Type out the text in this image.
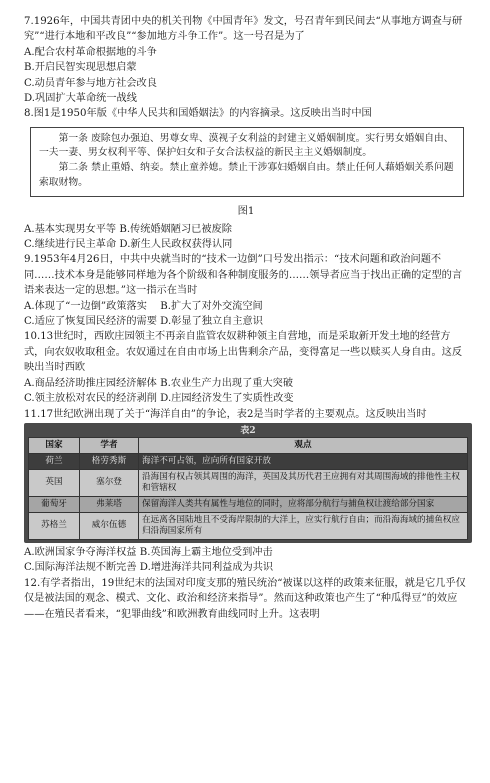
7.1926年，中国共青团中央的机关刊物《中国青年》发文，号召青年到民间去“从事地方调查与研究”“进行本地和平改良”“参加地方斗争工作”。这一号召是为了

A.配合农村革命根据地的斗争

B.开启民智实现思想启蒙

C.动员青年参与地方社会改良

D.巩固扩大革命统一战线

8.图1是1950年版《中华人民共和国婚姻法》的内容摘录。这反映出当时中国

第一条 废除包办强迫、男尊女卑、漠视子女利益的封建主义婚姻制度。实行男女婚姻自由、一夫一妻、男女权利平等、保护妇女和子女合法权益的新民主主义婚姻制度。

第二条 禁止重婚、纳妾。禁止童养媳。禁止干涉寡妇婚姻自由。禁止任何人藉婚姻关系问题索取财物。

图1

A.基本实现男女平等 B.传统婚姻陋习已被废除

C.继续进行民主革命 D.新生人民政权获得认同

9.1953年4月26日，中共中央就当时的“技术一边倒”口号发出指示：“技术问题和政治问题不同……技术本身是能够同样地为各个阶级和各种制度服务的……领导者应当于找出正确的定型的言语来表达一定的思想。”这一指示在当时

A.体现了“一边倒”政策落实　 B.扩大了对外交流空间

C.适应了恢复国民经济的需要 D.彰显了独立自主意识

10.13世纪时，西欧庄园领主不再亲自监管农奴耕种领主自营地，而是采取新开发土地的经营方式，向农奴收取租金。农奴通过在自由市场上出售剩余产品，变得富足一些以赎买人身自由。这反映出当时西欧

A.商品经济助推庄园经济解体 B.农业生产力出现了重大突破

C.领主放松对农民的经济剥削 D.庄园经济发生了实质性改变

11.17世纪欧洲出现了关于“海洋自由”的争论，表2是当时学者的主要观点。这反映出当时

表2
国家	学者	观点
荷兰	格劳秀斯	海洋不可占领，应向所有国家开放
英国	塞尔登	沿海国有权占领其周围的海洋，英国及其历代君王应拥有对其周围海域的排他性主权和管辖权
葡萄牙	弗莱塔	保留海洋人类共有属性与地位的同时，应将部分航行与捕鱼权让渡给部分国家
苏格兰	威尔伍德	在远离各国陆地且不受海岸限制的大洋上，应实行航行自由；而沿海海域的捕鱼权应归沿海国家所有

A.欧洲国家争夺海洋权益 B.英国海上霸主地位受到冲击

C.国际海洋法规不断完善 D.增进海洋共同利益成为共识

12.有学者指出，19世纪末的法国对印度支那的殖民统治“被谋以这样的政策来征服，就是它几乎仅仅是被法国的观念、模式、文化、政治和经济来指导”。然而这种政策也产生了“种瓜得豆”的效应——在殖民者看来，“犯罪曲线”和欧洲教育曲线同时上升。这表明
